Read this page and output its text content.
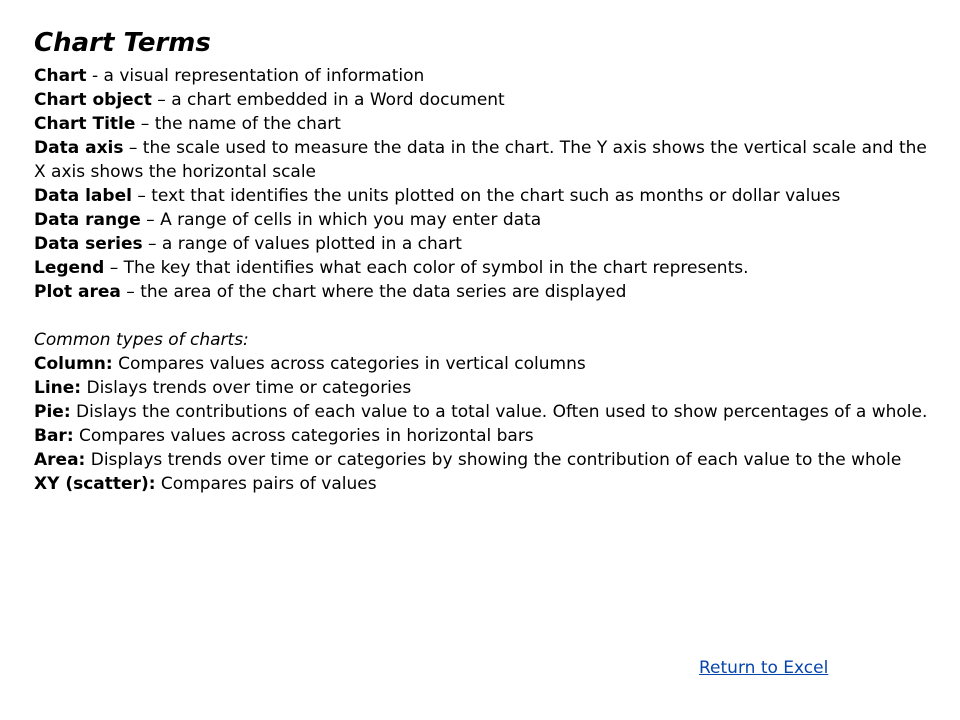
Chart Terms

Chart - a visual representation of information

Chart object – a chart embedded in a Word document

Chart Title – the name of the chart

Data axis – the scale used to measure the data in the chart. The Y axis shows the vertical scale and the X axis shows the horizontal scale

Data label – text that identifies the units plotted on the chart such as months or dollar values

Data range – A range of cells in which you may enter data

Data series – a range of values plotted in a chart

Legend – The key that identifies what each color of symbol in the chart represents.

Plot area – the area of the chart where the data series are displayed

Common types of charts:

Column: Compares values across categories in vertical columns

Line: Dislays trends over time or categories

Pie: Dislays the contributions of each value to a total value. Often used to show percentages of a whole.

Bar: Compares values across categories in horizontal bars

Area: Displays trends over time or categories by showing the contribution of each value to the whole

XY (scatter): Compares pairs of values

Return to Excel
